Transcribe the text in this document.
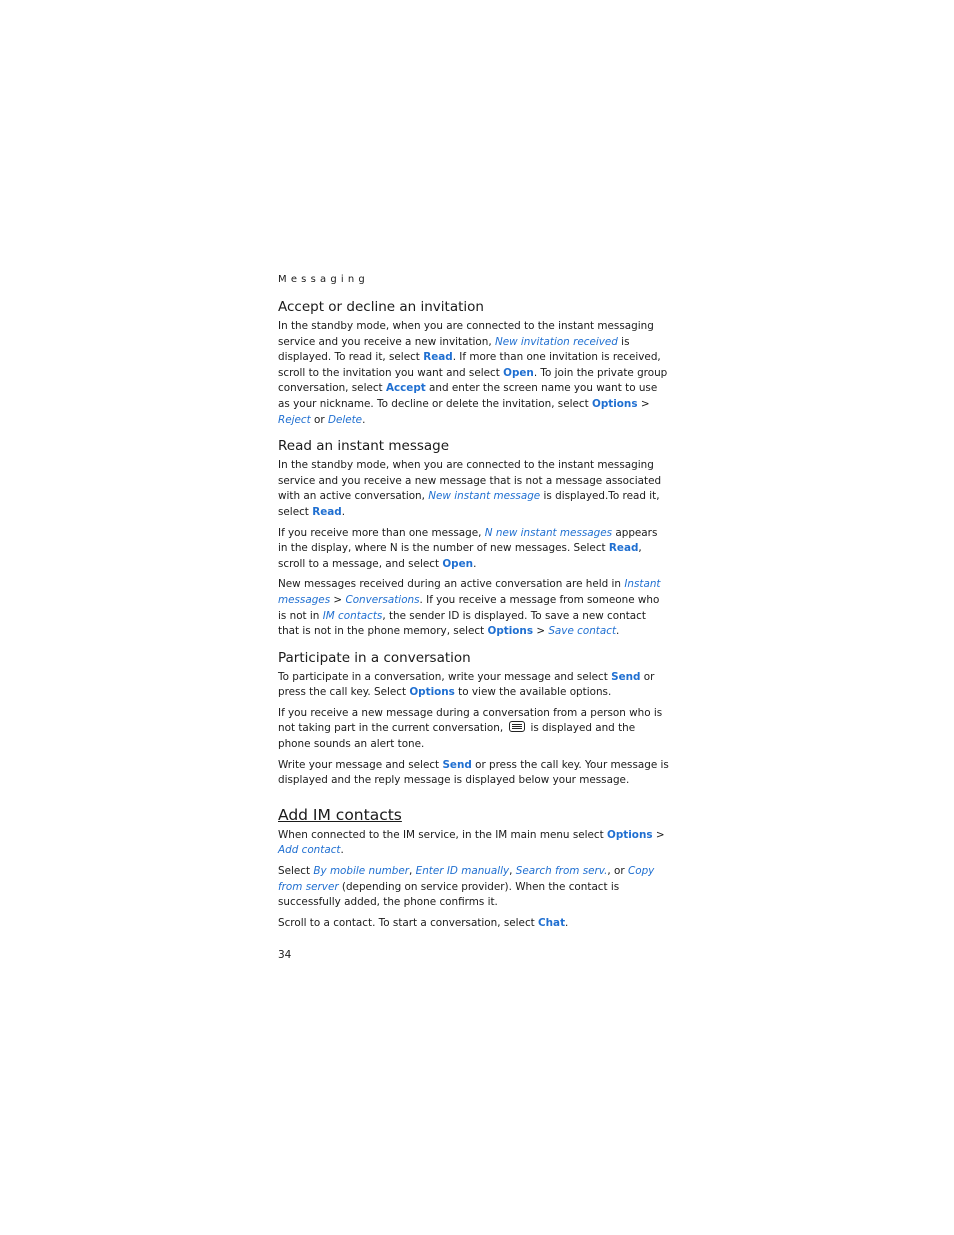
Messaging
Accept or decline an invitation

In the standby mode, when you are connected to the instant messaging service and you receive a new invitation, New invitation received is displayed. To read it, select Read. If more than one invitation is received, scroll to the invitation you want and select Open. To join the private group conversation, select Accept and enter the screen name you want to use as your nickname. To decline or delete the invitation, select Options > Reject or Delete.

Read an instant message

In the standby mode, when you are connected to the instant messaging service and you receive a new message that is not a message associated with an active conversation, New instant message is displayed.To read it, select Read.

If you receive more than one message, N new instant messages appears in the display, where N is the number of new messages. Select Read, scroll to a message, and select Open.

New messages received during an active conversation are held in Instant messages > Conversations. If you receive a message from someone who is not in IM contacts, the sender ID is displayed. To save a new contact that is not in the phone memory, select Options > Save contact.

Participate in a conversation

To participate in a conversation, write your message and select Send or press the call key. Select Options to view the available options.

If you receive a new message during a conversation from a person who is not taking part in the current conversation, is displayed and the phone sounds an alert tone.

Write your message and select Send or press the call key. Your message is displayed and the reply message is displayed below your message.

Add IM contacts

When connected to the IM service, in the IM main menu select Options > Add contact.

Select By mobile number, Enter ID manually, Search from serv., or Copy from server (depending on service provider). When the contact is successfully added, the phone confirms it.

Scroll to a contact. To start a conversation, select Chat.

34
